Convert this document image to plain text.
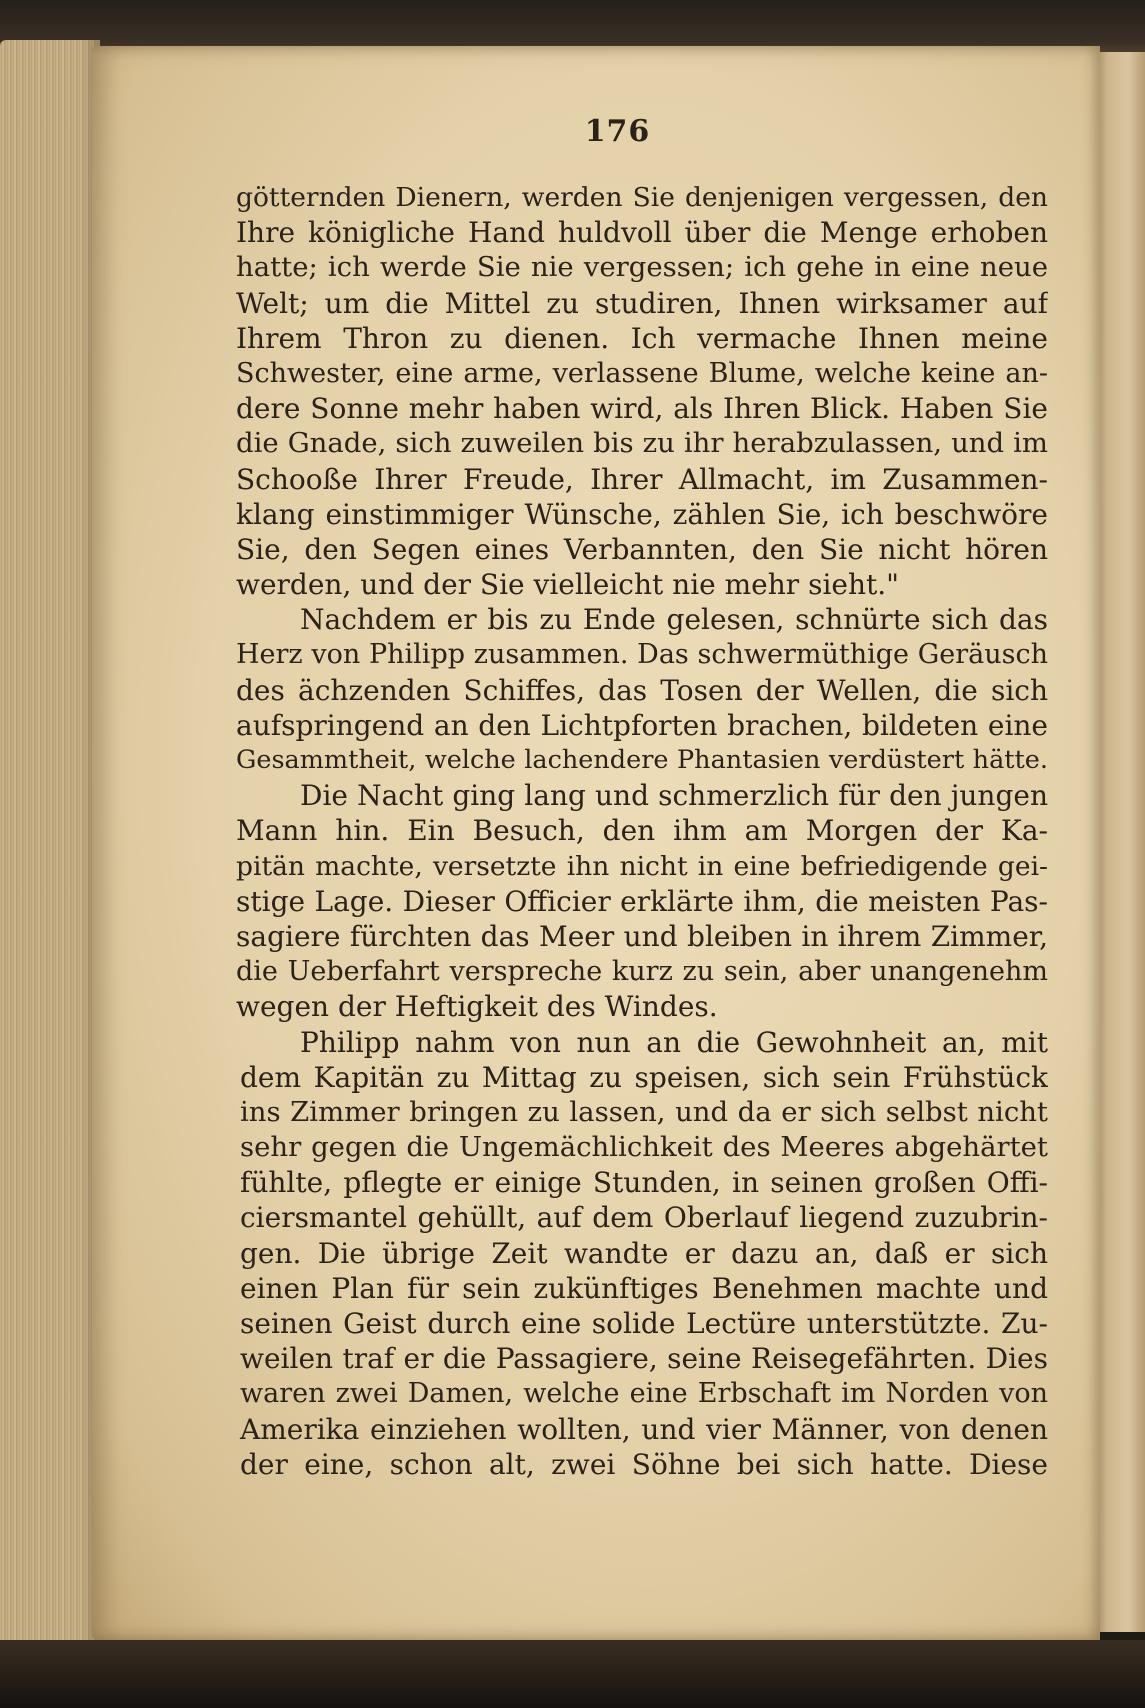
176
götternden Dienern, werden Sie denjenigen vergessen, den
Ihre königliche Hand huldvoll über die Menge erhoben
hatte; ich werde Sie nie vergessen; ich gehe in eine neue
Welt; um die Mittel zu studiren, Ihnen wirksamer auf
Ihrem Thron zu dienen. Ich vermache Ihnen meine
Schwester, eine arme, verlassene Blume, welche keine an-
dere Sonne mehr haben wird, als Ihren Blick. Haben Sie
die Gnade, sich zuweilen bis zu ihr herabzulassen, und im
Schooße Ihrer Freude, Ihrer Allmacht, im Zusammen-
klang einstimmiger Wünsche, zählen Sie, ich beschwöre
Sie, den Segen eines Verbannten, den Sie nicht hören
werden, und der Sie vielleicht nie mehr sieht."
Nachdem er bis zu Ende gelesen, schnürte sich das
Herz von Philipp zusammen. Das schwermüthige Geräusch
des ächzenden Schiffes, das Tosen der Wellen, die sich
aufspringend an den Lichtpforten brachen, bildeten eine
Gesammtheit, welche lachendere Phantasien verdüstert hätte.
Die Nacht ging lang und schmerzlich für den jungen
Mann hin. Ein Besuch, den ihm am Morgen der Ka-
pitän machte, versetzte ihn nicht in eine befriedigende gei-
stige Lage. Dieser Officier erklärte ihm, die meisten Pas-
sagiere fürchten das Meer und bleiben in ihrem Zimmer,
die Ueberfahrt verspreche kurz zu sein, aber unangenehm
wegen der Heftigkeit des Windes.
Philipp nahm von nun an die Gewohnheit an, mit
dem Kapitän zu Mittag zu speisen, sich sein Frühstück
ins Zimmer bringen zu lassen, und da er sich selbst nicht
sehr gegen die Ungemächlichkeit des Meeres abgehärtet
fühlte, pflegte er einige Stunden, in seinen großen Offi-
ciersmantel gehüllt, auf dem Oberlauf liegend zuzubrin-
gen. Die übrige Zeit wandte er dazu an, daß er sich
einen Plan für sein zukünftiges Benehmen machte und
seinen Geist durch eine solide Lectüre unterstützte. Zu-
weilen traf er die Passagiere, seine Reisegefährten. Dies
waren zwei Damen, welche eine Erbschaft im Norden von
Amerika einziehen wollten, und vier Männer, von denen
der eine, schon alt, zwei Söhne bei sich hatte. Diese
